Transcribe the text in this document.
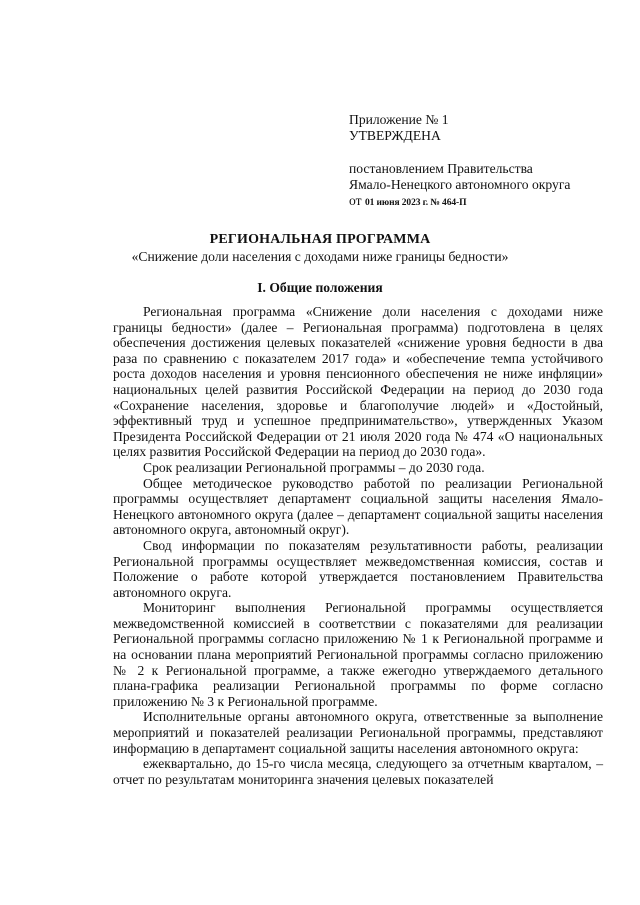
Приложение № 1
УТВЕРЖДЕНА
постановлением Правительства
Ямало-Ненецкого автономного округа
от 01 июня 2023 г. № 464-П
РЕГИОНАЛЬНАЯ ПРОГРАММА
«Снижение доли населения с доходами ниже границы бедности»
I. Общие положения

Региональная программа «Снижение доли населения с доходами ниже границы бедности» (далее – Региональная программа) подготовлена в целях обеспечения достижения целевых показателей «снижение уровня бедности в два раза по сравнению с показателем 2017 года» и «обеспечение темпа устойчивого роста доходов населения и уровня пенсионного обеспечения не ниже инфляции» национальных целей развития Российской Федерации на период до 2030 года «Сохранение населения, здоровье и благополучие людей» и «Достойный, эффективный труд и успешное предпринимательство», утвержденных Указом Президента Российской Федерации от 21 июля 2020 года № 474 «О национальных целях развития Российской Федерации на период до 2030 года».

Срок реализации Региональной программы – до 2030 года.

Общее методическое руководство работой по реализации Региональной программы осуществляет департамент социальной защиты населения Ямало-Ненецкого автономного округа (далее – департамент социальной защиты населения автономного округа, автономный округ).

Свод информации по показателям результативности работы, реализации Региональной программы осуществляет межведомственная комиссия, состав и Положение о работе которой утверждается постановлением Правительства автономного округа.

Мониторинг выполнения Региональной программы осуществляется межведомственной комиссией в соответствии с показателями для реализации Региональной программы согласно приложению № 1 к Региональной программе и на основании плана мероприятий Региональной программы согласно приложению № 2 к Региональной программе, а также ежегодно утверждаемого детального плана-графика реализации Региональной программы по форме согласно приложению № 3 к Региональной программе.

Исполнительные органы автономного округа, ответственные за выполнение мероприятий и показателей реализации Региональной программы, представляют информацию в департамент социальной защиты населения автономного округа:

ежеквартально, до 15-го числа месяца, следующего за отчетным кварталом, – отчет по результатам мониторинга значения целевых показателей
